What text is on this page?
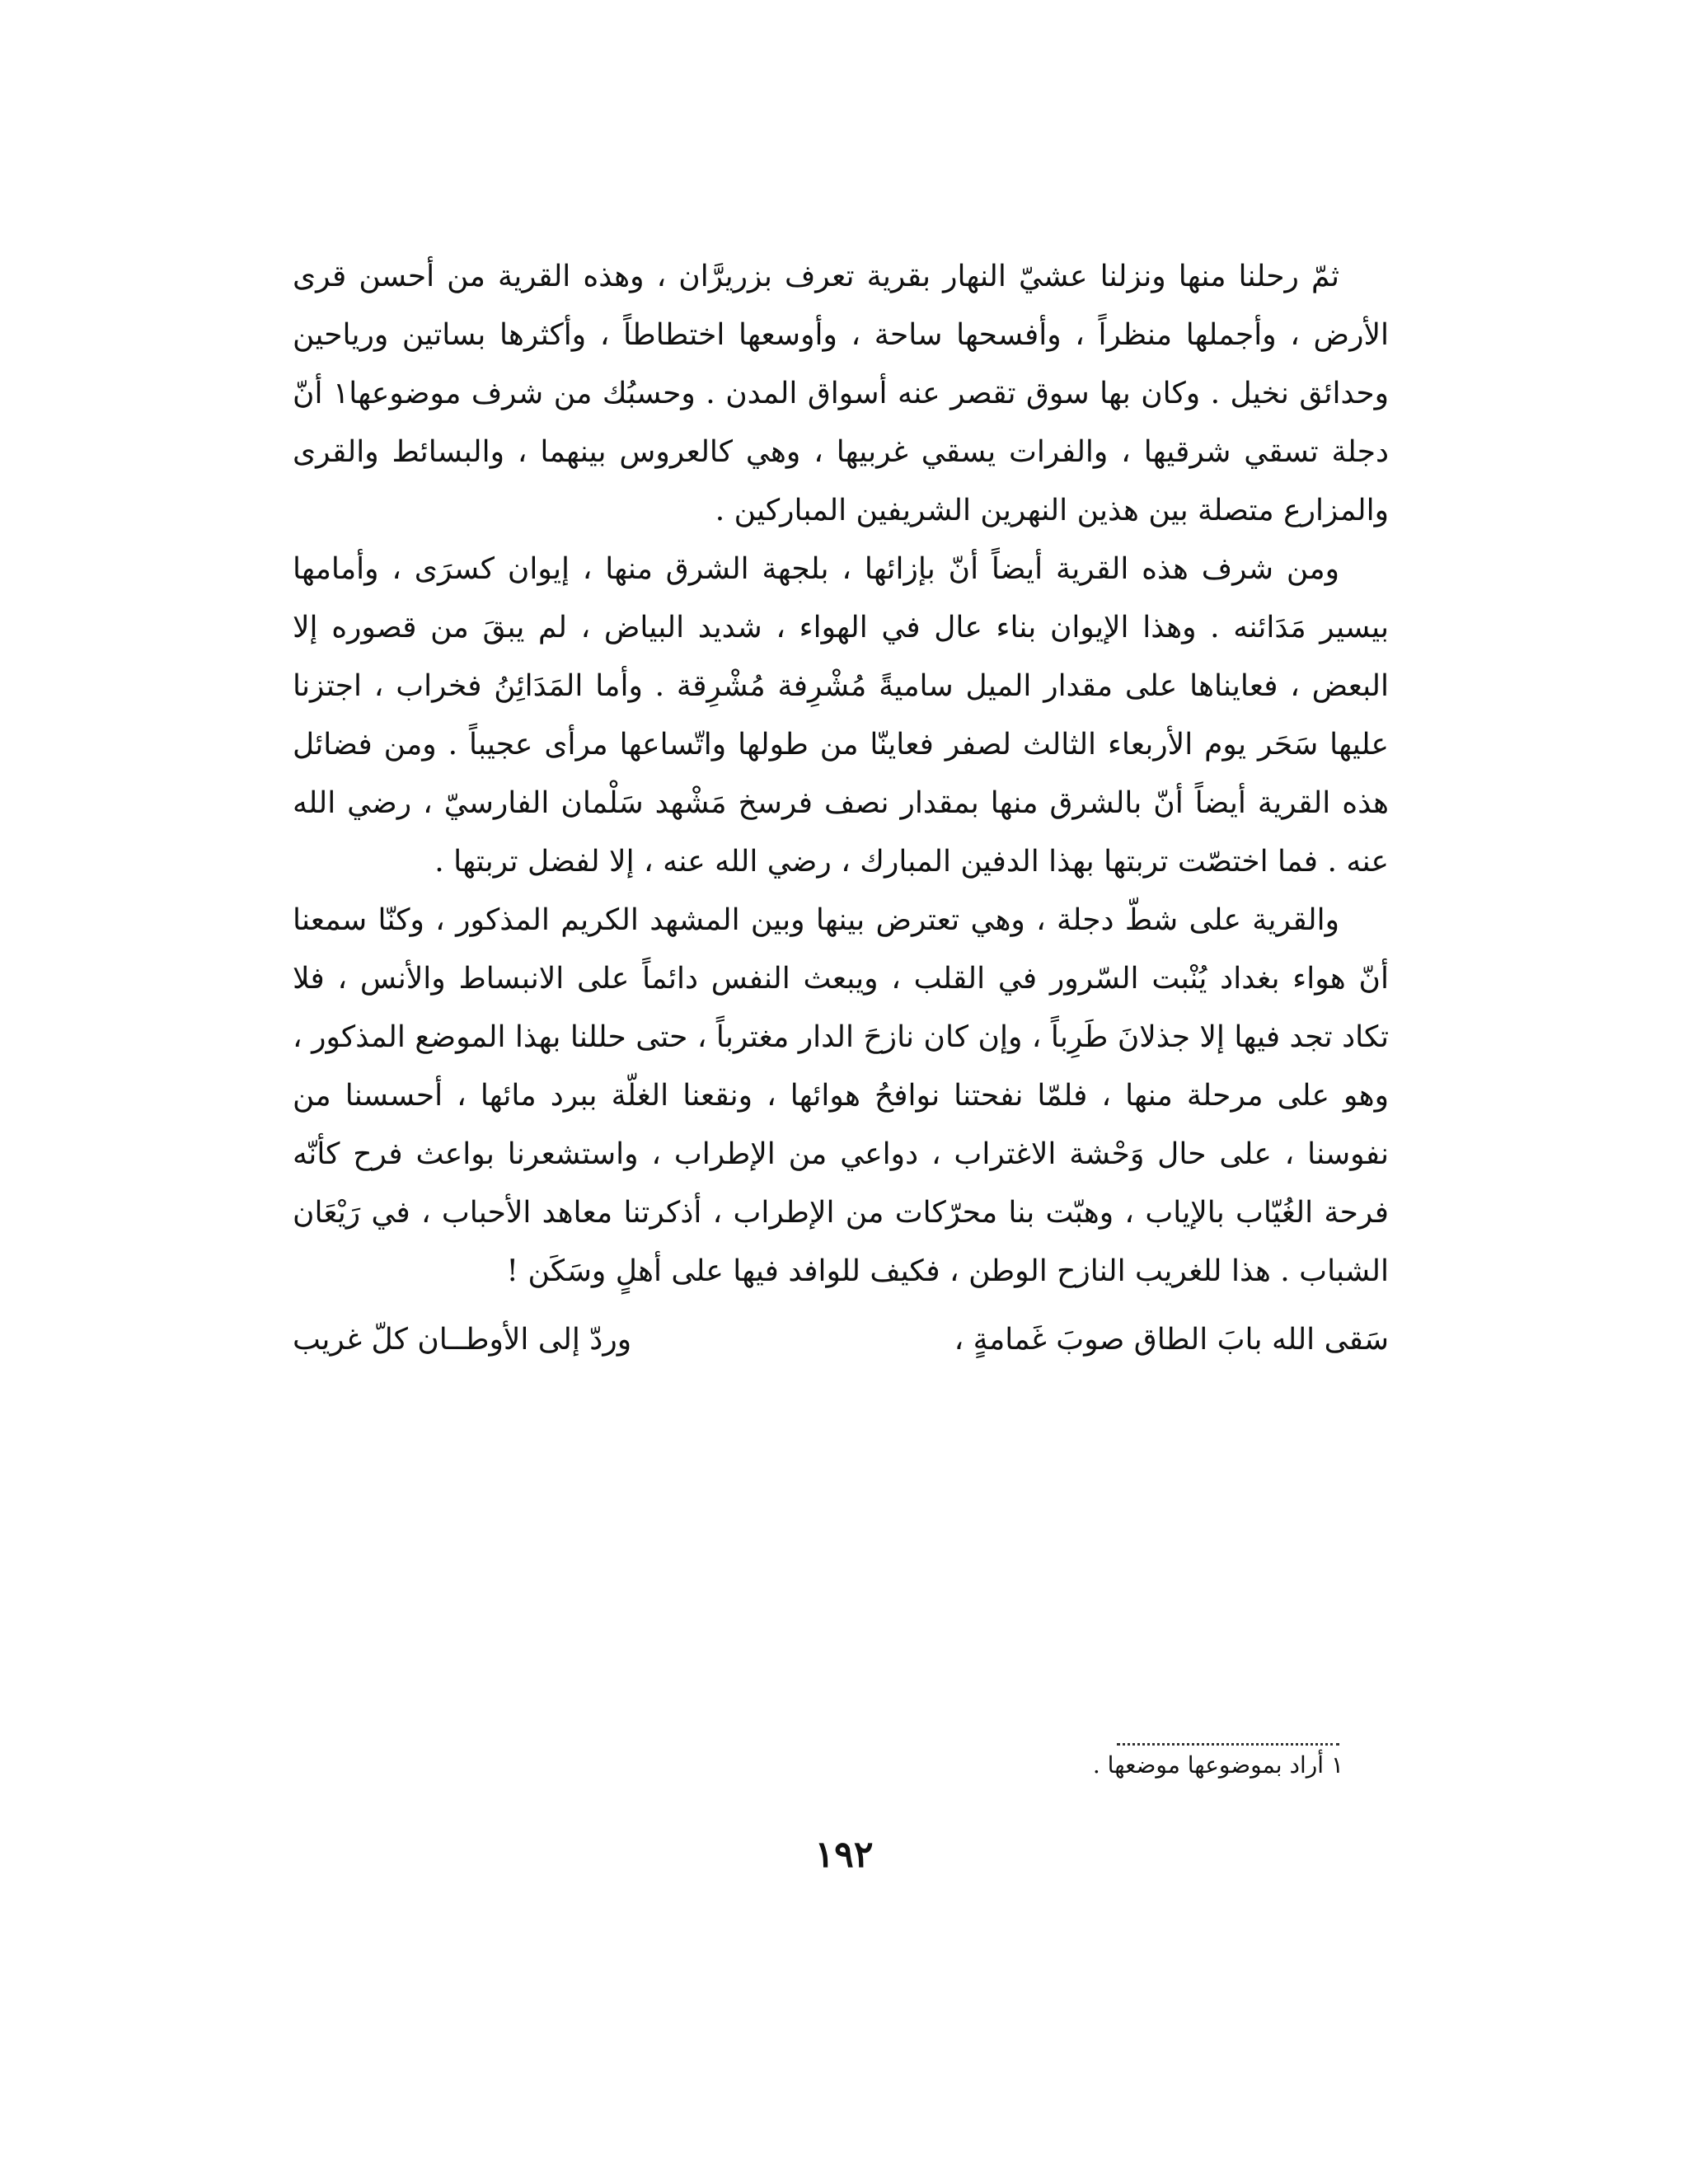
ثمّ رحلنا منها ونزلنا عشيّ النهار بقرية تعرف بزريرَّان ، وهذه القرية من أحسن قرى الأرض ، وأجملها منظراً ، وأفسحها ساحة ، وأوسعها اختطاطاً ، وأكثرها بساتين ورياحين وحدائق نخيل . وكان بها سوق تقصر عنه أسواق المدن . وحسبُك من شرف موضوعها١ أنّ دجلة تسقي شرقيها ، والفرات يسقي غربيها ، وهي كالعروس بينهما ، والبسائط والقرى والمزارع متصلة بين هذين النهرين الشريفين المباركين .

ومن شرف هذه القرية أيضاً أنّ بإزائها ، بلجهة الشرق منها ، إيوان كسرَى ، وأمامها بيسير مَدَائنه . وهذا الإيوان بناء عال في الهواء ، شديد البياض ، لم يبقَ من قصوره إلا البعض ، فعايناها على مقدار الميل ساميةً مُشْرِفة مُشْرِقة . وأما المَدَائِنُ فخراب ، اجتزنا عليها سَحَر يوم الأربعاء الثالث لصفر فعاينّا من طولها واتّساعها مرأى عجيباً . ومن فضائل هذه القرية أيضاً أنّ بالشرق منها بمقدار نصف فرسخ مَشْهد سَلْمان الفارسيّ ، رضي الله عنه . فما اختصّت تربتها بهذا الدفين المبارك ، رضي الله عنه ، إلا لفضل تربتها .

والقرية على شطّ دجلة ، وهي تعترض بينها وبين المشهد الكريم المذكور ، وكنّا سمعنا أنّ هواء بغداد يُنْبت السّرور في القلب ، ويبعث النفس دائماً على الانبساط والأنس ، فلا تكاد تجد فيها إلا جذلانَ طَرِباً ، وإن كان نازحَ الدار مغترباً ، حتى حللنا بهذا الموضع المذكور ، وهو على مرحلة منها ، فلمّا نفحتنا نوافحُ هوائها ، ونقعنا الغلّة ببرد مائها ، أحسسنا من نفوسنا ، على حال وَحْشة الاغتراب ، دواعي من الإطراب ، واستشعرنا بواعث فرح كأنّه فرحة الغُيّاب بالإياب ، وهبّت بنا محرّكات من الإطراب ، أذكرتنا معاهد الأحباب ، في رَيْعَان الشباب . هذا للغريب النازح الوطن ، فكيف للوافد فيها على أهلٍ وسَكَن !

سَقى الله بابَ الطاق صوبَ غَمامةٍ ،
وردّ إلى الأوطــان كلّ غريب
١ أراد بموضوعها موضعها .
١٩٢
